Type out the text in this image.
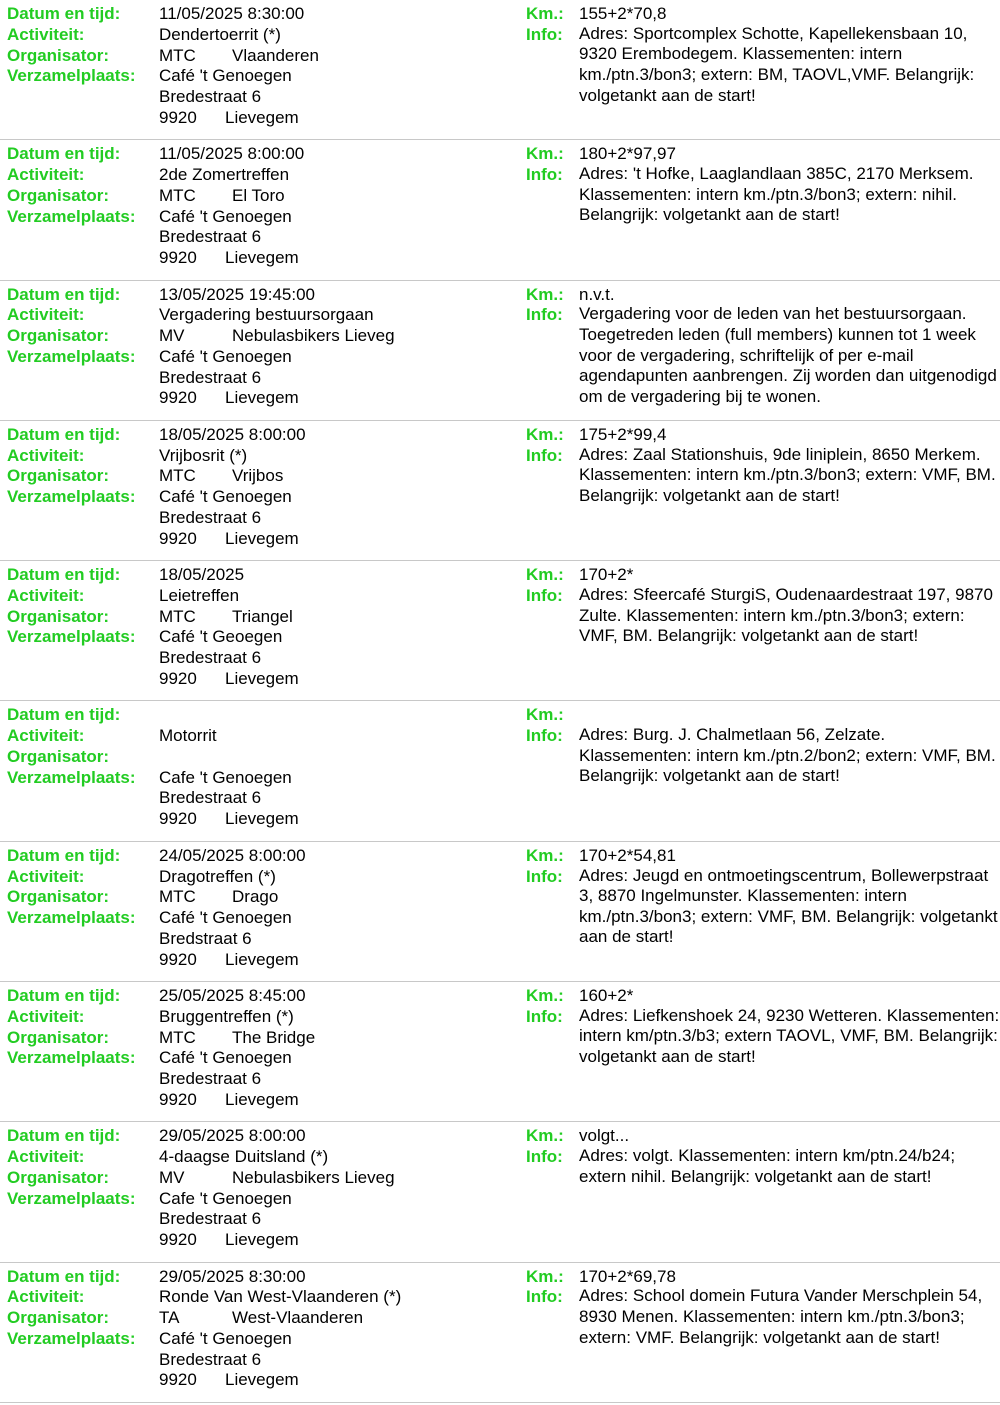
Datum en tijd: 11/05/2025 8:30:00
Activiteit:	Dendertoerrit (*)
Organisator:	MTC Vlaanderen
Verzamelplaats: Café 't Genoegen
Bredestraat 6
9920 Lievegem
Km.: 155+2*70,8
Info: Adres: Sportcomplex Schotte, Kapellekensbaan 10, 9320 Erembodegem. Klassementen: intern km./ptn.3/bon3; extern: BM, TAOVL,VMF. Belangrijk: volgetankt aan de start!
Datum en tijd: 11/05/2025 8:00:00
Activiteit:	2de Zomertreffen
Organisator:	MTC El Toro
Verzamelplaats: Café 't Genoegen
Bredestraat 6
9920 Lievegem
Km.: 180+2*97,97
Info: Adres: 't Hofke, Laaglandlaan 385C, 2170 Merksem. Klassementen: intern km./ptn.3/bon3; extern: nihil. Belangrijk: volgetankt aan de start!
Datum en tijd: 13/05/2025 19:45:00
Activiteit:	Vergadering bestuursorgaan
Organisator:	MV	Nebulasbikers Lieveg
Verzamelplaats: Café 't Genoegen
Bredestraat 6
9920 Lievegem
Km.: n.v.t.
Info: Vergadering voor de leden van het bestuursorgaan. Toegetreden leden (full members) kunnen tot 1 week voor de vergadering, schriftelijk of per e-mail agendapunten aanbrengen. Zij worden dan uitgenodigd om de vergadering bij te wonen.
Datum en tijd: 18/05/2025 8:00:00
Activiteit:	Vrijbosrit (*)
Organisator:	MTC Vrijbos
Verzamelplaats: Café 't Genoegen
Bredestraat 6
9920 Lievegem
Km.: 175+2*99,4
Info: Adres: Zaal Stationshuis, 9de liniplein, 8650 Merkem. Klassementen: intern km./ptn.3/bon3; extern: VMF, BM. Belangrijk: volgetankt aan de start!
Datum en tijd: 18/05/2025
Activiteit:	Leietreffen
Organisator:	MTC Triangel
Verzamelplaats: Café 't Geoegen
Bredestraat 6
9920 Lievegem
Km.: 170+2*
Info: Adres: Sfeercafé SturgiS, Oudenaardestraat 197, 9870 Zulte. Klassementen: intern km./ptn.3/bon3; extern: VMF, BM. Belangrijk: volgetankt aan de start!
Datum en tijd:
Activiteit:	Motorrit
Organisator:
Verzamelplaats: Cafe 't Genoegen
Bredestraat 6
9920 Lievegem
Km.:
Info: Adres: Burg. J. Chalmetlaan 56, Zelzate. Klassementen: intern km./ptn.2/bon2; extern: VMF, BM. Belangrijk: volgetankt aan de start!
Datum en tijd: 24/05/2025 8:00:00
Activiteit:	Dragotreffen (*)
Organisator:	MTC Drago
Verzamelplaats: Café 't Genoegen
Bredstraat 6
9920 Lievegem
Km.: 170+2*54,81
Info: Adres: Jeugd en ontmoetingscentrum, Bollewerpstraat 3, 8870 Ingelmunster. Klassementen: intern km./ptn.3/bon3; extern: VMF, BM. Belangrijk: volgetankt aan de start!
Datum en tijd: 25/05/2025 8:45:00
Activiteit:	Bruggentreffen (*)
Organisator:	MTC The Bridge
Verzamelplaats: Café 't Genoegen
Bredestraat 6
9920 Lievegem
Km.: 160+2*
Info: Adres: Liefkenshoek 24, 9230 Wetteren. Klassementen: intern km/ptn.3/b3; extern TAOVL, VMF, BM. Belangrijk: volgetankt aan de start!
Datum en tijd: 29/05/2025 8:00:00
Activiteit:	4-daagse Duitsland (*)
Organisator:	MV	Nebulasbikers Lieveg
Verzamelplaats: Cafe 't Genoegen
Bredestraat 6
9920 Lievegem
Km.: volgt...
Info: Adres: volgt. Klassementen: intern km/ptn.24/b24; extern nihil. Belangrijk: volgetankt aan de start!
Datum en tijd: 29/05/2025 8:30:00
Activiteit:	Ronde Van West-Vlaanderen (*)
Organisator:	TA	West-Vlaanderen
Verzamelplaats: Café 't Genoegen
Bredestraat 6
9920 Lievegem
Km.: 170+2*69,78
Info: Adres: School domein Futura Vander Merschplein 54, 8930 Menen. Klassementen: intern km./ptn.3/bon3; extern: VMF. Belangrijk: volgetankt aan de start!
